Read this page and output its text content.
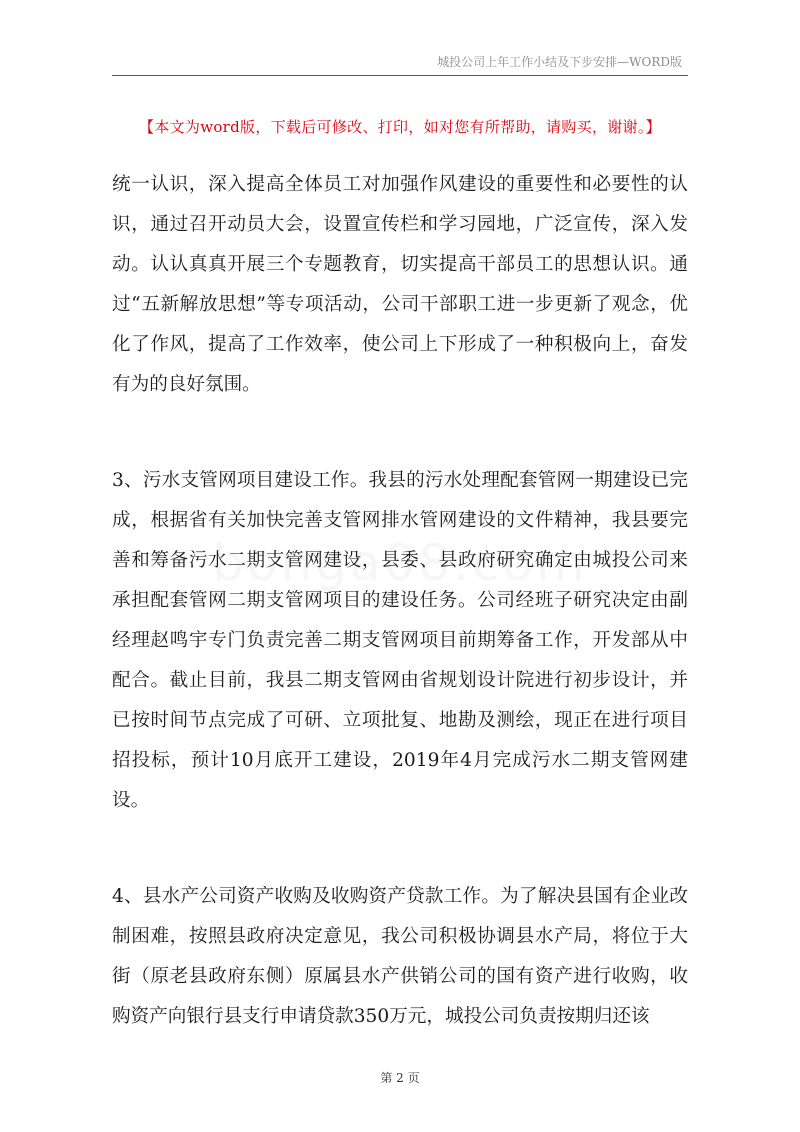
城投公司上年工作小结及下步安排—WORD版
【本文为word版，下载后可修改、打印，如对您有所帮助，请购买，谢谢。】

统一认识，深入提高全体员工对加强作风建设的重要性和必要性的认识，通过召开动员大会，设置宣传栏和学习园地，广泛宣传，深入发动。认认真真开展三个专题教育，切实提高干部员工的思想认识。通过“五新解放思想”等专项活动，公司干部职工进一步更新了观念，优化了作风，提高了工作效率，使公司上下形成了一种积极向上，奋发有为的良好氛围。

3、污水支管网项目建设工作。我县的污水处理配套管网一期建设已完成，根据省有关加快完善支管网排水管网建设的文件精神，我县要完善和筹备污水二期支管网建设，县委、县政府研究确定由城投公司来承担配套管网二期支管网项目的建设任务。公司经班子研究决定由副经理赵鸣宇专门负责完善二期支管网项目前期筹备工作，开发部从中配合。截止目前，我县二期支管网由省规划设计院进行初步设计，并已按时间节点完成了可研、立项批复、地勘及测绘，现正在进行项目招投标，预计10月底开工建设，2019年4月完成污水二期支管网建设。

4、县水产公司资产收购及收购资产贷款工作。为了解决县国有企业改制困难，按照县政府决定意见，我公司积极协调县水产局，将位于大街（原老县政府东侧）原属县水产供销公司的国有资产进行收购，收购资产向银行县支行申请贷款350万元，城投公司负责按期归还该

第 2 页
